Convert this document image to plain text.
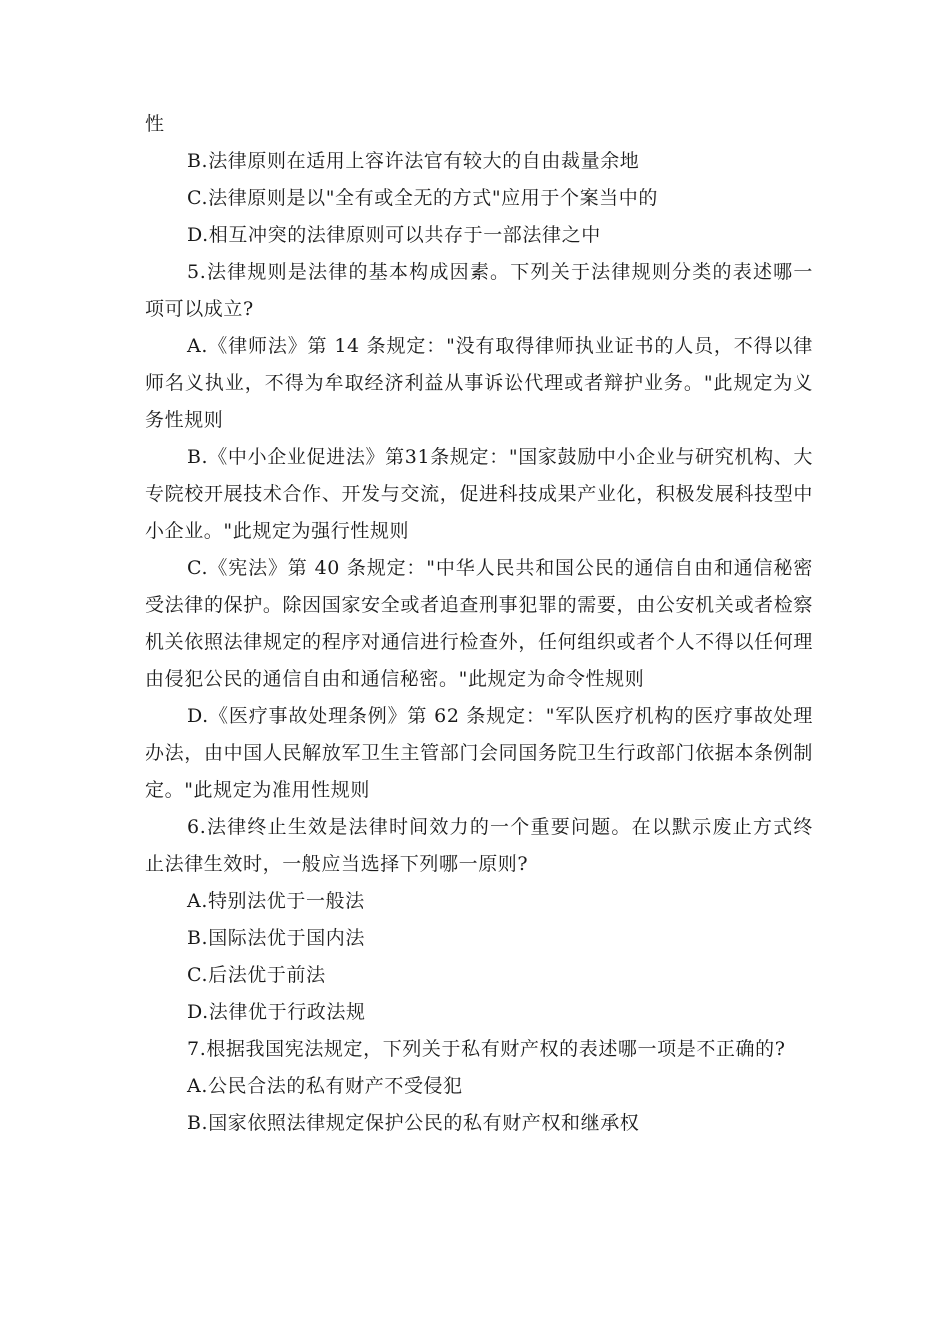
性

B.法律原则在适用上容许法官有较大的自由裁量余地

C.法律原则是以"全有或全无的方式"应用于个案当中的

D.相互冲突的法律原则可以共存于一部法律之中

5.法律规则是法律的基本构成因素。下列关于法律规则分类的表述哪一项可以成立?

A.《律师法》第 14 条规定："没有取得律师执业证书的人员，不得以律师名义执业，不得为牟取经济利益从事诉讼代理或者辩护业务。"此规定为义务性规则

B.《中小企业促进法》第31条规定："国家鼓励中小企业与研究机构、大专院校开展技术合作、开发与交流，促进科技成果产业化，积极发展科技型中小企业。"此规定为强行性规则

C.《宪法》第 40 条规定："中华人民共和国公民的通信自由和通信秘密受法律的保护。除因国家安全或者追查刑事犯罪的需要，由公安机关或者检察机关依照法律规定的程序对通信进行检查外，任何组织或者个人不得以任何理由侵犯公民的通信自由和通信秘密。"此规定为命令性规则

D.《医疗事故处理条例》第 62 条规定："军队医疗机构的医疗事故处理办法，由中国人民解放军卫生主管部门会同国务院卫生行政部门依据本条例制定。"此规定为准用性规则

6.法律终止生效是法律时间效力的一个重要问题。在以默示废止方式终止法律生效时，一般应当选择下列哪一原则?

A.特别法优于一般法

B.国际法优于国内法

C.后法优于前法

D.法律优于行政法规

7.根据我国宪法规定，下列关于私有财产权的表述哪一项是不正确的?

A.公民合法的私有财产不受侵犯

B.国家依照法律规定保护公民的私有财产权和继承权
